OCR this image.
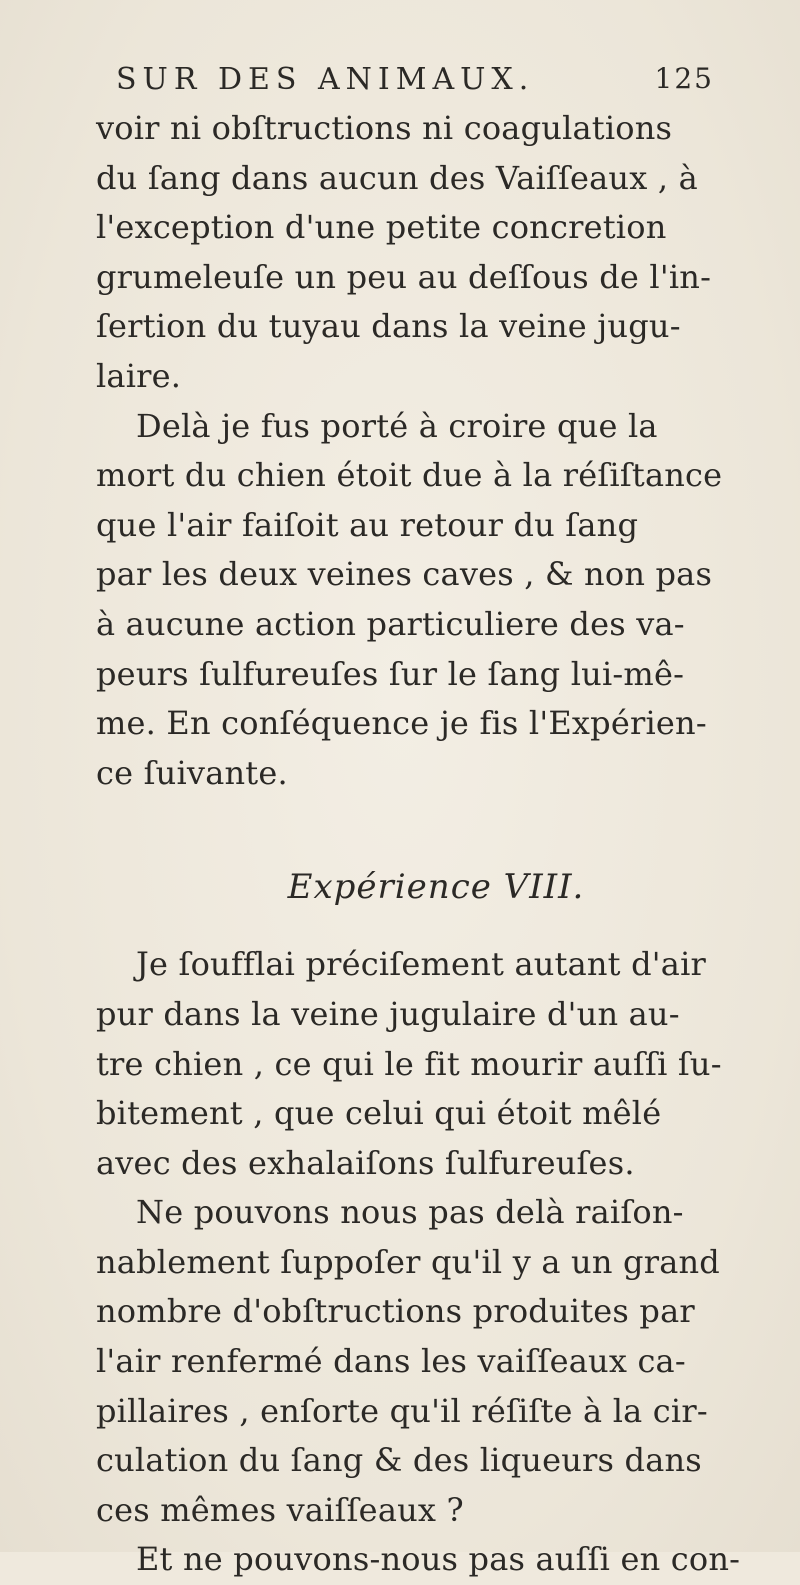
SUR DES ANIMAUX.	125
voir ni obſtructions ni coagulations
du ſang dans aucun des Vaiſſeaux , à
l'exception d'une petite concretion
grumeleuſe un peu au deſſous de l'in-
ſertion du tuyau dans la veine jugu-
laire.
Delà je fus porté à croire que la
mort du chien étoit due à la réſiſtance
que l'air faiſoit au retour du ſang
par les deux veines caves , & non pas
à aucune action particuliere des va-
peurs ſulfureuſes ſur le ſang lui-mê-
me. En conſéquence je fis l'Expérien-
ce ſuivante.
Expérience VIII.
Je ſoufflai préciſement autant d'air
pur dans la veine jugulaire d'un au-
tre chien , ce qui le fit mourir auſſi ſu-
bitement , que celui qui étoit mêlé
avec des exhalaiſons ſulfureuſes.
Ne pouvons nous pas delà raiſon-
nablement ſuppoſer qu'il y a un grand
nombre d'obſtructions produites par
l'air renfermé dans les vaiſſeaux ca-
pillaires , enſorte qu'il réſiſte à la cir-
culation du ſang & des liqueurs dans
ces mêmes vaiſſeaux ?
Et ne pouvons-nous pas auſſi en con-
